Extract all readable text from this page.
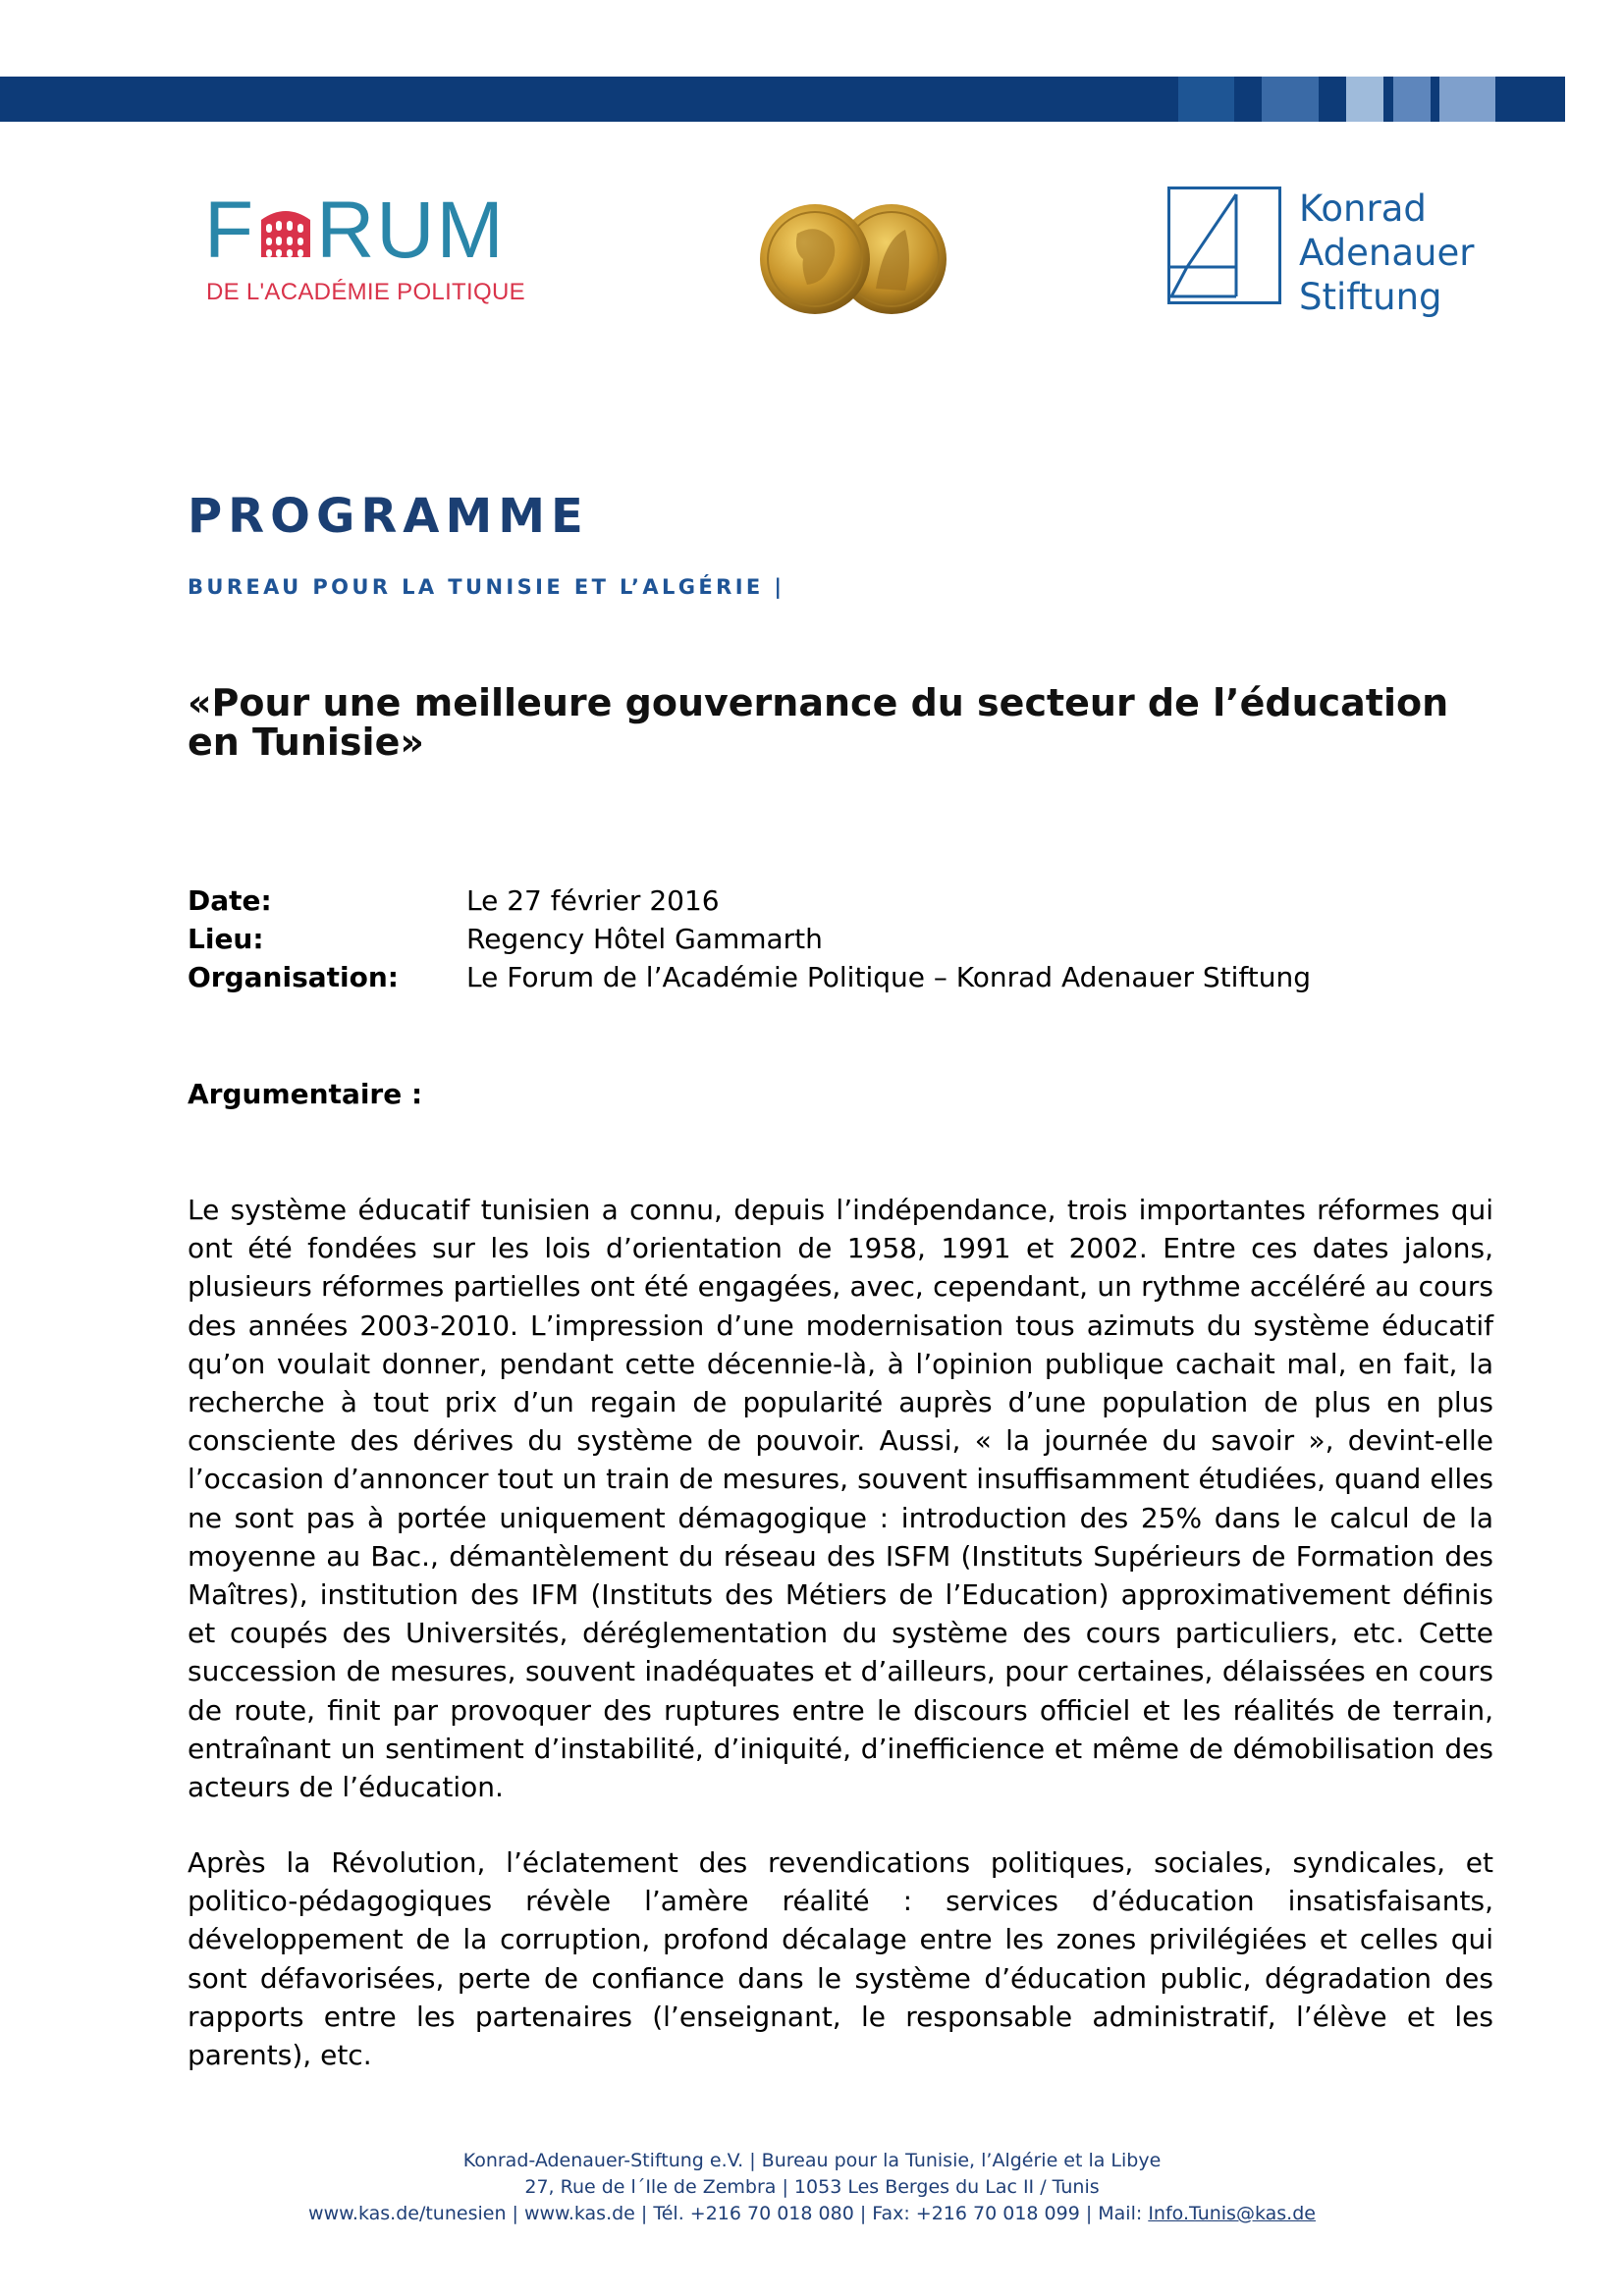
F RUM
DE L'ACADÉMIE POLITIQUE
Konrad
Adenauer
Stiftung
PROGRAMME
BUREAU POUR LA TUNISIE ET L’ALGÉRIE |
«Pour une meilleure gouvernance du secteur de l’éducation en Tunisie»
Date:	Le 27 février 2016
Lieu:	Regency Hôtel Gammarth
Organisation: Le Forum de l’Académie Politique – Konrad Adenauer Stiftung
Argumentaire :
Le système éducatif tunisien a connu, depuis l’indépendance, trois importantes réformes qui ont été fondées sur les lois d’orientation de 1958, 1991 et 2002. Entre ces dates jalons, plusieurs réformes partielles ont été engagées, avec, cependant, un rythme accéléré au cours des années 2003-2010. L’impression d’une modernisation tous azimuts du système éducatif qu’on voulait donner, pendant cette décennie-là, à l’opinion publique cachait mal, en fait, la recherche à tout prix d’un regain de popularité auprès d’une population de plus en plus consciente des dérives du système de pouvoir. Aussi, « la journée du savoir », devint-elle l’occasion d’annoncer tout un train de mesures, souvent insuffisamment étudiées, quand elles ne sont pas à portée uniquement démagogique : introduction des 25% dans le calcul de la moyenne au Bac., démantèlement du réseau des ISFM (Instituts Supérieurs de Formation des Maîtres), institution des IFM (Instituts des Métiers de l’Education) approximativement définis et coupés des Universités, déréglementation du système des cours particuliers, etc. Cette succession de mesures, souvent inadéquates et d’ailleurs, pour certaines, délaissées en cours de route, finit par provoquer des ruptures entre le discours officiel et les réalités de terrain, entraînant un sentiment d’instabilité, d’iniquité, d’inefficience et même de démobilisation des acteurs de l’éducation.
Après la Révolution, l’éclatement des revendications politiques, sociales, syndicales, et politico-pédagogiques révèle l’amère réalité : services d’éducation insatisfaisants, développement de la corruption, profond décalage entre les zones privilégiées et celles qui sont défavorisées, perte de confiance dans le système d’éducation public, dégradation des rapports entre les partenaires (l’enseignant, le responsable administratif, l’élève et les parents), etc.
Konrad-Adenauer-Stiftung e.V. | Bureau pour la Tunisie, l’Algérie et la Libye
27, Rue de l´Ile de Zembra | 1053 Les Berges du Lac II / Tunis
www.kas.de/tunesien | www.kas.de | Tél. +216 70 018 080 | Fax: +216 70 018 099 | Mail: Info.Tunis@kas.de
